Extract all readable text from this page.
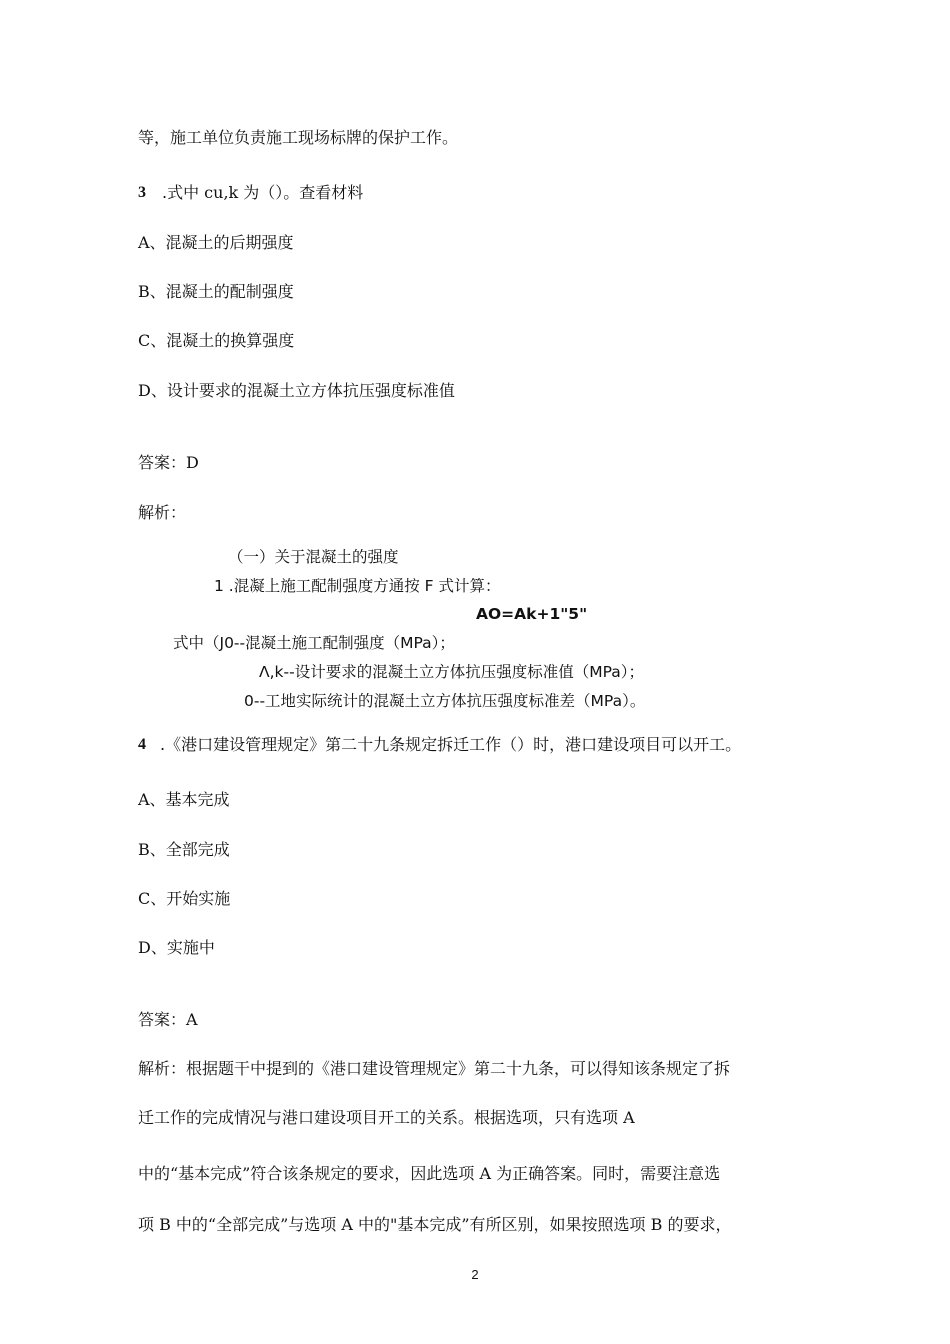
等，施工单位负责施工现场标牌的保护工作。
3 .式中 cu,k 为（）。查看材料
A、混凝土的后期强度
B、混凝土的配制强度
C、混凝土的换算强度
D、设计要求的混凝土立方体抗压强度标准值
答案：D
解析：
（一）关于混凝土的强度
1 .混凝上施工配制强度方通按 F 式计算：
AO=Ak+1"5"
式中（J0--混凝土施工配制强度（MPa）；
Λ,k--设计要求的混凝土立方体抗压强度标准值（MPa）；
0--工地实际统计的混凝土立方体抗压强度标准差（MPa）。
4 .《港口建设管理规定》第二十九条规定拆迁工作（）时，港口建设项目可以开工。
A、基本完成
B、全部完成
C、开始实施
D、实施中
答案：A
解析：根据题干中提到的《港口建设管理规定》第二十九条，可以得知该条规定了拆
迁工作的完成情况与港口建设项目开工的关系。根据选项，只有选项 A
中的“基本完成”符合该条规定的要求，因此选项 A 为正确答案。同时，需要注意选
项 B 中的“全部完成”与选项 A 中的"基本完成”有所区别，如果按照选项 B 的要求，
2
